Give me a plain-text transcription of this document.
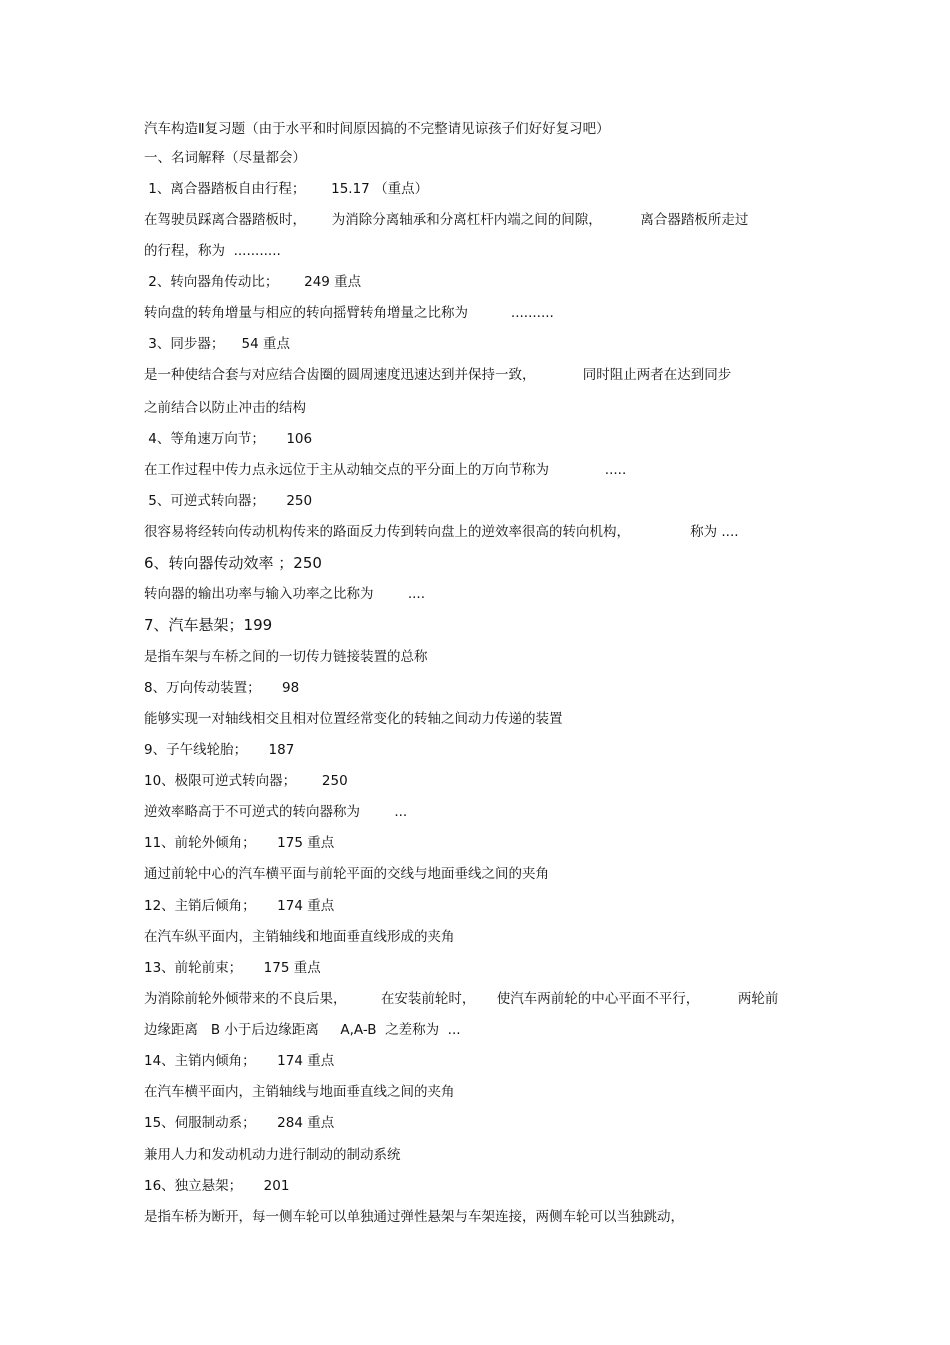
汽车构造Ⅱ复习题（由于水平和时间原因搞的不完整请见谅孩子们好好复习吧）
一、名词解释（尽量都会）
1、离合器踏板自由行程；      15.17 （重点）
在驾驶员踩离合器踏板时，      为消除分离轴承和分离杠杆内端之间的间隙，         离合器踏板所走过
的行程，称为  ...........
2、转向器角传动比；      249 重点
转向盘的转角增量与相应的转向摇臂转角增量之比称为          ..........
3、同步器；    54 重点
是一种使结合套与对应结合齿圈的圆周速度迅速达到并保持一致，           同时阻止两者在达到同步
之前结合以防止冲击的结构
4、等角速万向节；     106
在工作过程中传力点永远位于主从动轴交点的平分面上的万向节称为             .....
5、可逆式转向器；     250
很容易将经转向传动机构传来的路面反力传到转向盘上的逆效率很高的转向机构，              称为 ....
6、转向器传动效率 ；250
转向器的输出功率与输入功率之比称为        ....
7、汽车悬架；199
是指车架与车桥之间的一切传力链接装置的总称
8、万向传动装置；     98
能够实现一对轴线相交且相对位置经常变化的转轴之间动力传递的装置
9、子午线轮胎；     187
10、极限可逆式转向器；      250
逆效率略高于不可逆式的转向器称为        ...
11、前轮外倾角；     175 重点
通过前轮中心的汽车横平面与前轮平面的交线与地面垂线之间的夹角
12、主销后倾角；     174 重点
在汽车纵平面内，主销轴线和地面垂直线形成的夹角
13、前轮前束；     175 重点
为消除前轮外倾带来的不良后果，        在安装前轮时，     使汽车两前轮的中心平面不平行，         两轮前
边缘距离   B 小于后边缘距离     A,A-B  之差称为  ...
14、主销内倾角；     174 重点
在汽车横平面内，主销轴线与地面垂直线之间的夹角
15、伺服制动系；     284 重点
兼用人力和发动机动力进行制动的制动系统
16、独立悬架；     201
是指车桥为断开，每一侧车轮可以单独通过弹性悬架与车架连接，两侧车轮可以当独跳动，
